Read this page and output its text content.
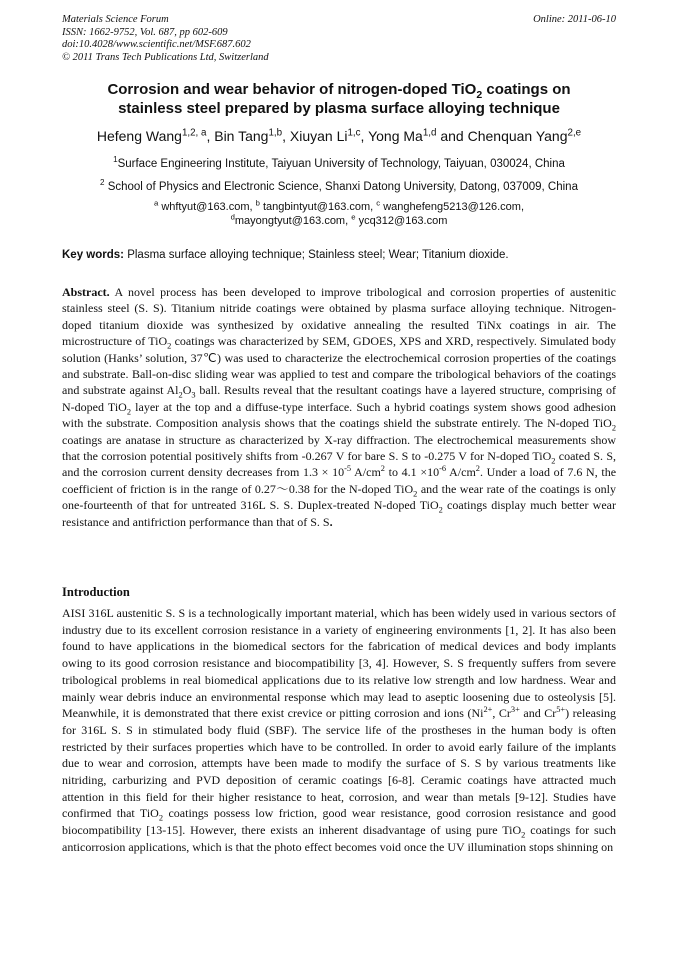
Materials Science Forum
ISSN: 1662-9752, Vol. 687, pp 602-609
doi:10.4028/www.scientific.net/MSF.687.602
© 2011 Trans Tech Publications Ltd, Switzerland
Online: 2011-06-10
Corrosion and wear behavior of nitrogen-doped TiO$_2$ coatings on
stainless steel prepared by plasma surface alloying technique
Hefeng Wang$^{1,2, a}$, Bin Tang$^{1,b}$, Xiuyan Li$^{1,c}$, Yong Ma$^{1,d}$ and Chenquan Yang$^{2,e}$
$^1$Surface Engineering Institute, Taiyuan University of Technology, Taiyuan, 030024, China
$^2$ School of Physics and Electronic Science, Shanxi Datong University, Datong, 037009, China
$^a$ whftyut@163.com, $^b$ tangbintyut@163.com, $^c$ wanghefeng5213@126.com,
$^d$mayongtyut@163.com, $^e$ ycq312@163.com
Key words: Plasma surface alloying technique; Stainless steel; Wear; Titanium dioxide.

Abstract. A novel process has been developed to improve tribological and corrosion properties of austenitic stainless steel (S. S). Titanium nitride coatings were obtained by plasma surface alloying technique. Nitrogen-doped titanium dioxide was synthesized by oxidative annealing the resulted TiNx coatings in air. The microstructure of TiO$_2$ coatings was characterized by SEM, GDOES, XPS and XRD, respectively. Simulated body solution (Hanks’ solution, 37℃) was used to characterize the electrochemical corrosion properties of the coatings and substrate. Ball-on-disc sliding wear was applied to test and compare the tribological behaviors of the coatings and substrate against $Al_2O_3$ ball. Results reveal that the resultant coatings have a layered structure, comprising of N-doped TiO$_2$ layer at the top and a diffuse-type interface. Such a hybrid coatings system shows good adhesion with the substrate. Composition analysis shows that the coatings shield the substrate entirely. The N-doped TiO$_2$ coatings are anatase in structure as characterized by X-ray diffraction. The electrochemical measurements show that the corrosion potential positively shifts from -0.267 V for bare S. S to -0.275 V for N-doped TiO$_2$ coated S. S, and the corrosion current density decreases from $1.3 \times 10^{-5}$ $A/cm^2$ to $4.1 \times 10^{-6}$ $A/cm^2$. Under a load of 7.6 N, the coefficient of friction is in the range of 0.27～0.38 for the N-doped TiO$_2$ and the wear rate of the coatings is only one-fourteenth of that for untreated 316L S. S. Duplex-treated N-doped TiO$_2$ coatings display much better wear resistance and antifriction performance than that of S. S.

Introduction

AISI 316L austenitic S. S is a technologically important material, which has been widely used in various sectors of industry due to its excellent corrosion resistance in a variety of engineering environments [1, 2]. It has also been found to have applications in the biomedical sectors for the fabrication of medical devices and body implants owing to its good corrosion resistance and biocompatibility [3, 4]. However, S. S frequently suffers from severe tribological problems in real biomedical applications due to its relative low strength and low hardness. Wear and mainly wear debris induce an environmental response which may lead to aseptic loosening due to osteolysis [5]. Meanwhile, it is demonstrated that there exist crevice or pitting corrosion and ions ($Ni^{2+}$, $Cr^{3+}$ and $Cr^{5+}$) releasing for 316L S. S in stimulated body fluid (SBF). The service life of the prostheses in the human body is often restricted by their surfaces properties which have to be controlled. In order to avoid early failure of the implants due to wear and corrosion, attempts have been made to modify the surface of S. S by various treatments like nitriding, carburizing and PVD deposition of ceramic coatings [6-8]. Ceramic coatings have attracted much attention in this field for their higher resistance to heat, corrosion, and wear than metals [9-12]. Studies have confirmed that TiO$_2$ coatings possess low friction, good wear resistance, good corrosion resistance and good biocompatibility [13-15]. However, there exists an inherent disadvantage of using pure TiO$_2$ coatings for such anticorrosion applications, which is that the photo effect becomes void once the UV illumination stops shinning on
